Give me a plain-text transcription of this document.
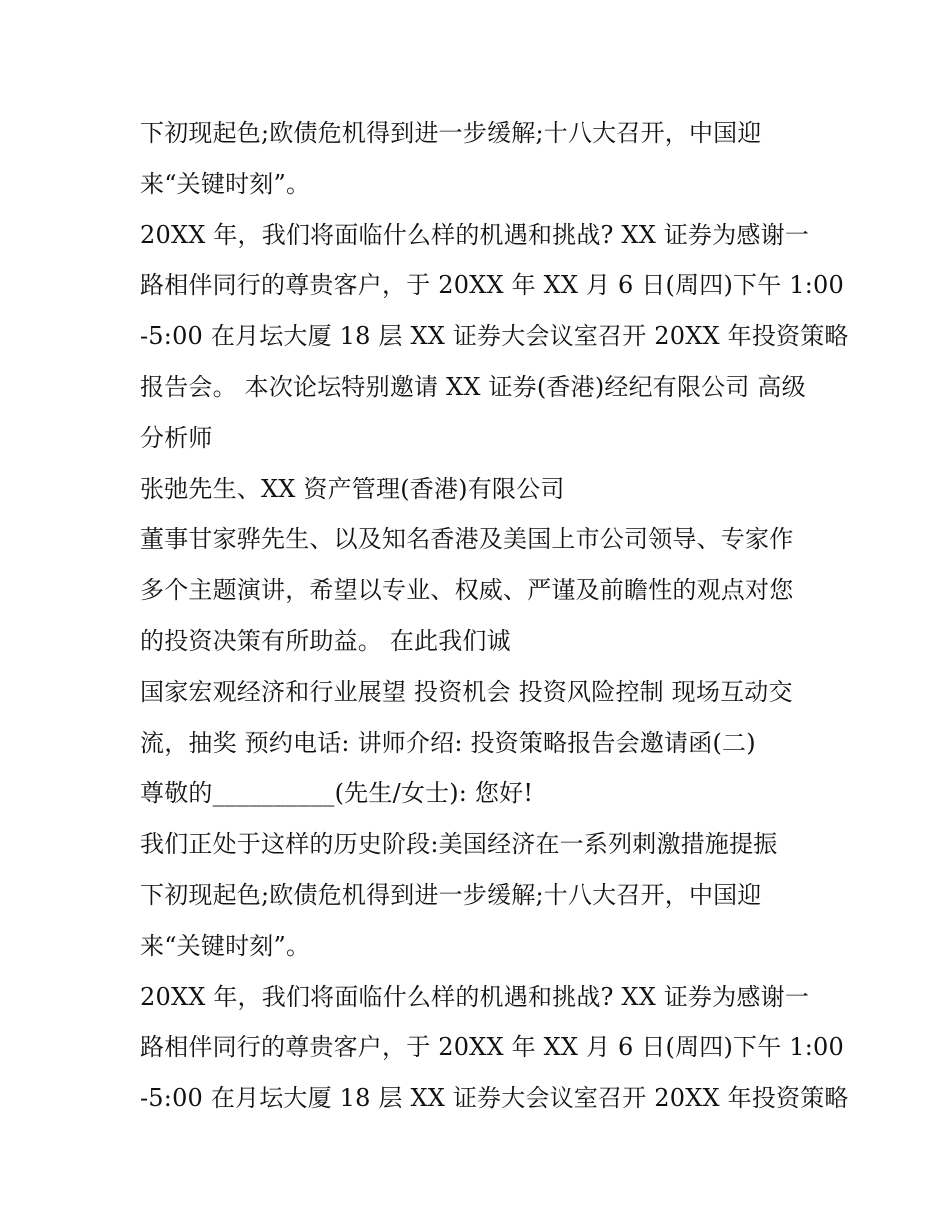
下初现起色;欧债危机得到进一步缓解;十八大召开，中国迎
来“关键时刻”。
20XX 年，我们将面临什么样的机遇和挑战? XX 证券为感谢一
路相伴同行的尊贵客户，于 20XX 年 XX 月 6 日(周四)下午 1:00
-5:00 在月坛大厦 18 层 XX 证券大会议室召开 20XX 年投资策略
报告会。 本次论坛特别邀请 XX 证券(香港)经纪有限公司 高级
分析师
张弛先生、XX 资产管理(香港)有限公司
董事甘家骅先生、以及知名香港及美国上市公司领导、专家作
多个主题演讲，希望以专业、权威、严谨及前瞻性的观点对您
的投资决策有所助益。 在此我们诚
国家宏观经济和行业展望 投资机会 投资风险控制 现场互动交
流，抽奖 预约电话: 讲师介绍: 投资策略报告会邀请函(二)
尊敬的__________(先生/女士): 您好!
我们正处于这样的历史阶段:美国经济在一系列刺激措施提振
下初现起色;欧债危机得到进一步缓解;十八大召开，中国迎
来“关键时刻”。
20XX 年，我们将面临什么样的机遇和挑战? XX 证券为感谢一
路相伴同行的尊贵客户，于 20XX 年 XX 月 6 日(周四)下午 1:00
-5:00 在月坛大厦 18 层 XX 证券大会议室召开 20XX 年投资策略
